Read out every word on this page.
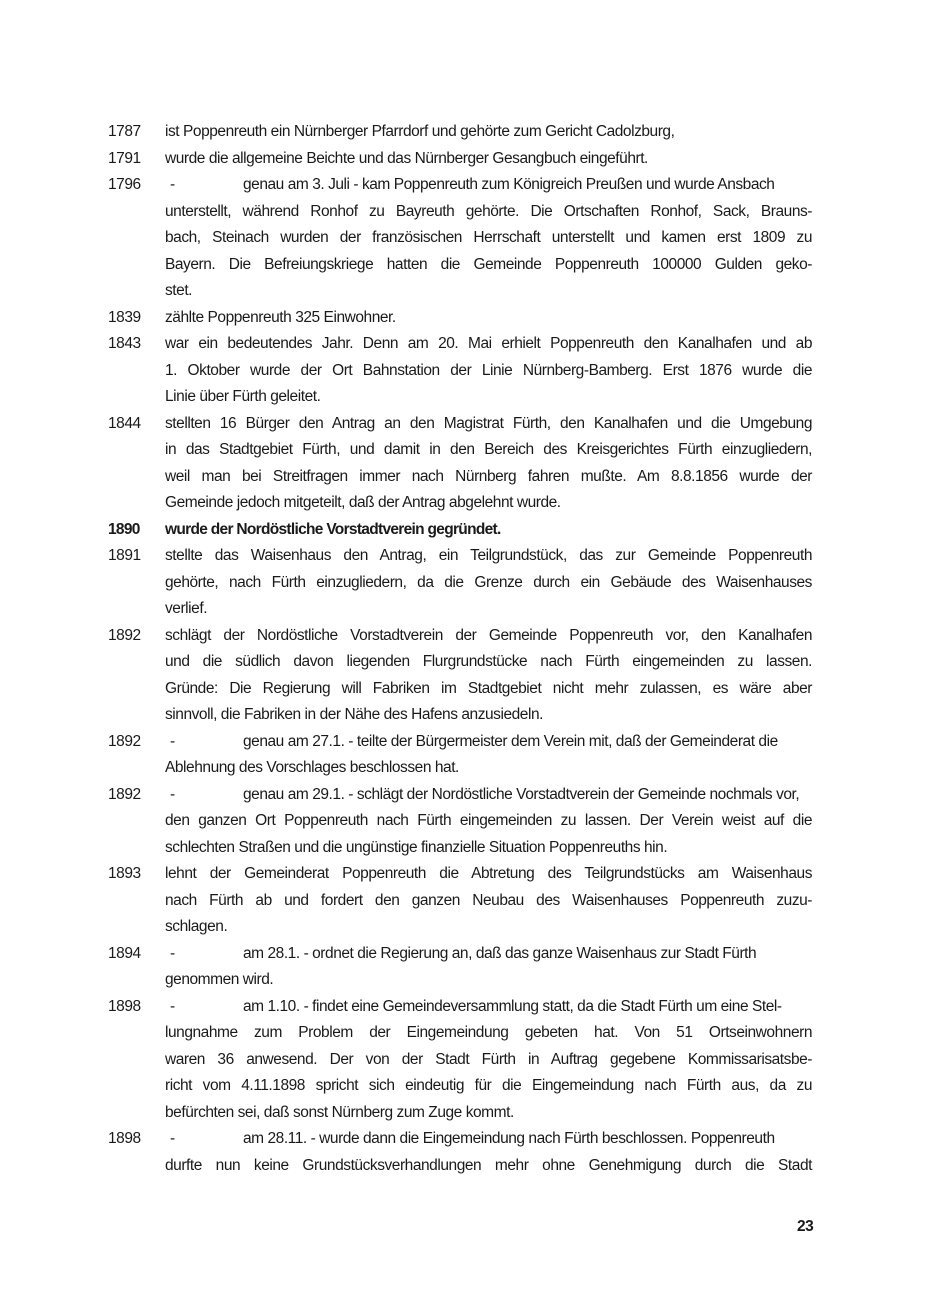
1787 ist Poppenreuth ein Nürnberger Pfarrdorf und gehörte zum Gericht Cadolzburg,
1791 wurde die allgemeine Beichte und das Nürnberger Gesangbuch eingeführt.
1796 -	genau am 3. Juli - kam Poppenreuth zum Königreich Preußen und wurde Ansbach
unterstellt, während Ronhof zu Bayreuth gehörte. Die Ortschaften Ronhof, Sack, Brauns-
bach, Steinach wurden der französischen Herrschaft unterstellt und kamen erst 1809 zu
Bayern. Die Befreiungskriege hatten die Gemeinde Poppenreuth 100000 Gulden geko-
stet.
1839 zählte Poppenreuth 325 Einwohner.
1843 war ein bedeutendes Jahr. Denn am 20. Mai erhielt Poppenreuth den Kanalhafen und ab
1. Oktober wurde der Ort Bahnstation der Linie Nürnberg-Bamberg. Erst 1876 wurde die
Linie über Fürth geleitet.
1844 stellten 16 Bürger den Antrag an den Magistrat Fürth, den Kanalhafen und die Umgebung
in das Stadtgebiet Fürth, und damit in den Bereich des Kreisgerichtes Fürth einzugliedern,
weil man bei Streitfragen immer nach Nürnberg fahren mußte. Am 8.8.1856 wurde der
Gemeinde jedoch mitgeteilt, daß der Antrag abgelehnt wurde.
1890 wurde der Nordöstliche Vorstadtverein gegründet.
1891 stellte das Waisenhaus den Antrag, ein Teilgrundstück, das zur Gemeinde Poppenreuth
gehörte, nach Fürth einzugliedern, da die Grenze durch ein Gebäude des Waisenhauses
verlief.
1892 schlägt der Nordöstliche Vorstadtverein der Gemeinde Poppenreuth vor, den Kanalhafen
und die südlich davon liegenden Flurgrundstücke nach Fürth eingemeinden zu lassen.
Gründe: Die Regierung will Fabriken im Stadtgebiet nicht mehr zulassen, es wäre aber
sinnvoll, die Fabriken in der Nähe des Hafens anzusiedeln.
1892 -	genau am 27.1. - teilte der Bürgermeister dem Verein mit, daß der Gemeinderat die
Ablehnung des Vorschlages beschlossen hat.
1892 -	genau am 29.1. - schlägt der Nordöstliche Vorstadtverein der Gemeinde nochmals vor,
den ganzen Ort Poppenreuth nach Fürth eingemeinden zu lassen. Der Verein weist auf die
schlechten Straßen und die ungünstige finanzielle Situation Poppenreuths hin.
1893 lehnt der Gemeinderat Poppenreuth die Abtretung des Teilgrundstücks am Waisenhaus
nach Fürth ab und fordert den ganzen Neubau des Waisenhauses Poppenreuth zuzu-
schlagen.
1894 -	am 28.1. - ordnet die Regierung an, daß das ganze Waisenhaus zur Stadt Fürth
genommen wird.
1898 -	am 1.10. - findet eine Gemeindeversammlung statt, da die Stadt Fürth um eine Stel-
lungnahme zum Problem der Eingemeindung gebeten hat. Von 51 Ortseinwohnern
waren 36 anwesend. Der von der Stadt Fürth in Auftrag gegebene Kommissarisatsbe-
richt vom 4.11.1898 spricht sich eindeutig für die Eingemeindung nach Fürth aus, da zu
befürchten sei, daß sonst Nürnberg zum Zuge kommt.
1898 -	am 28.11. - wurde dann die Eingemeindung nach Fürth beschlossen. Poppenreuth
durfte nun keine Grundstücksverhandlungen mehr ohne Genehmigung durch die Stadt
23
